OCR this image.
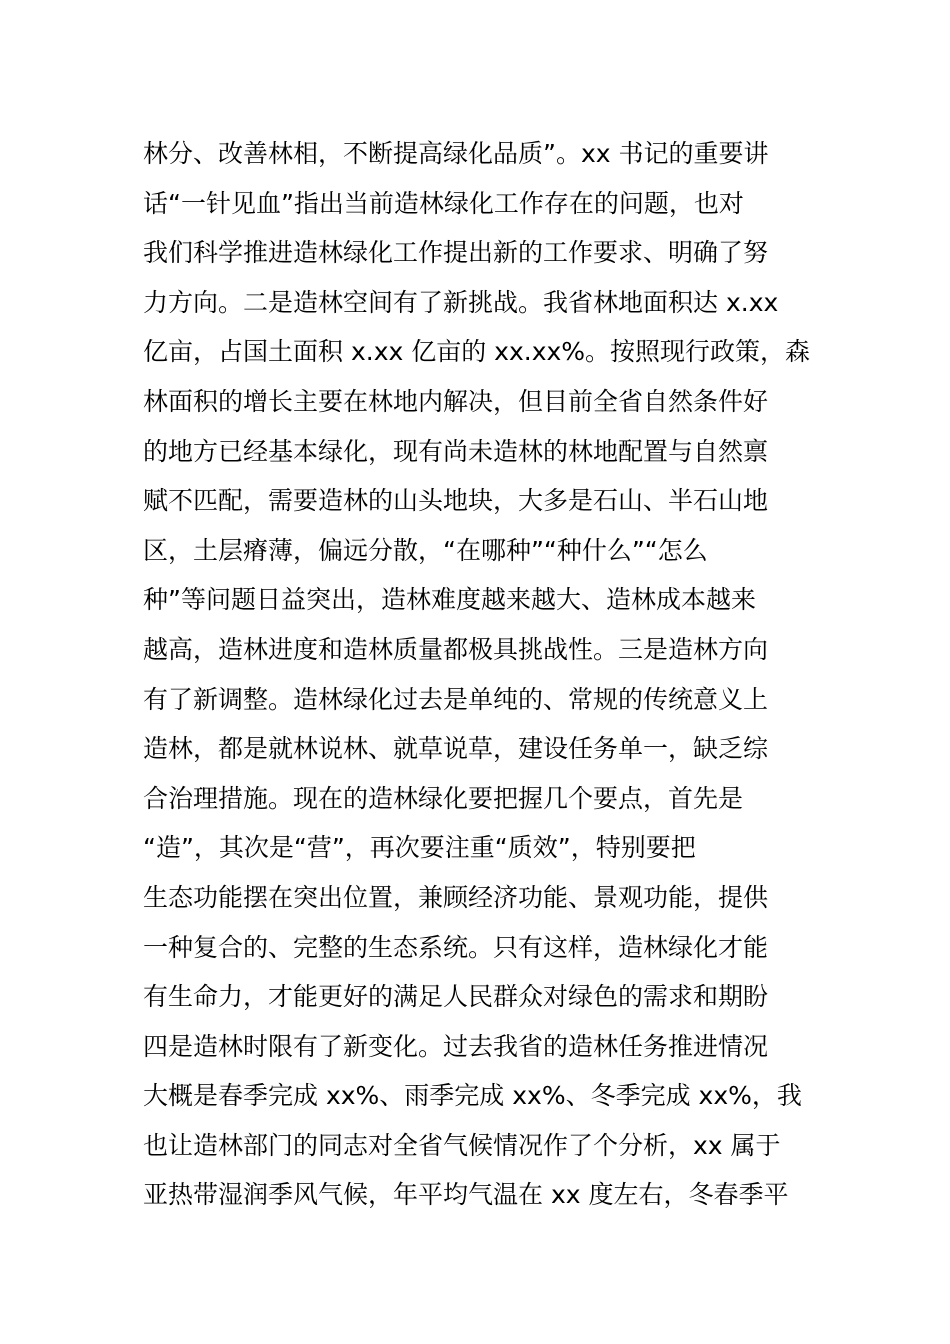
林分、改善林相，不断提高绿化品质”。xx 书记的重要讲
话“一针见血”指出当前造林绿化工作存在的问题，也对
我们科学推进造林绿化工作提出新的工作要求、明确了努
力方向。二是造林空间有了新挑战。我省林地面积达 x.xx
亿亩，占国土面积 x.xx 亿亩的 xx.xx%。按照现行政策，森
林面积的增长主要在林地内解决，但目前全省自然条件好
的地方已经基本绿化，现有尚未造林的林地配置与自然禀
赋不匹配，需要造林的山头地块，大多是石山、半石山地
区，土层瘠薄，偏远分散，“在哪种”“种什么”“怎么
种”等问题日益突出，造林难度越来越大、造林成本越来
越高，造林进度和造林质量都极具挑战性。三是造林方向
有了新调整。造林绿化过去是单纯的、常规的传统意义上
造林，都是就林说林、就草说草，建设任务单一，缺乏综
合治理措施。现在的造林绿化要把握几个要点，首先是
“造”，其次是“营”，再次要注重“质效”，特别要把
生态功能摆在突出位置，兼顾经济功能、景观功能，提供
一种复合的、完整的生态系统。只有这样，造林绿化才能
有生命力，才能更好的满足人民群众对绿色的需求和期盼
四是造林时限有了新变化。过去我省的造林任务推进情况
大概是春季完成 xx%、雨季完成 xx%、冬季完成 xx%，我
也让造林部门的同志对全省气候情况作了个分析，xx 属于
亚热带湿润季风气候，年平均气温在 xx 度左右，冬春季平
